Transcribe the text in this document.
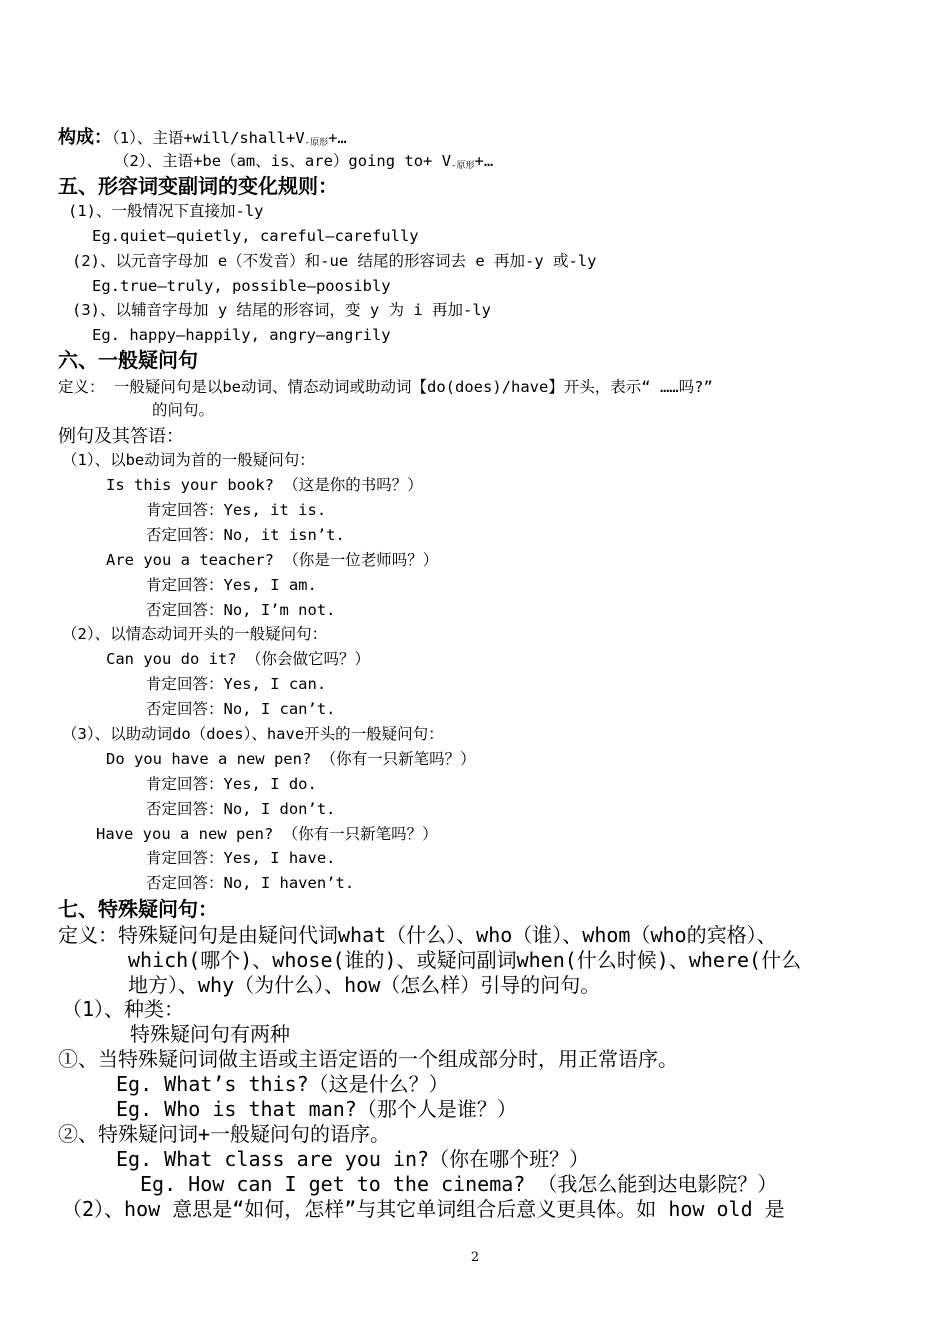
构成：（1）、主语$+will/shall+V_{-原形}+\dots$
（2）、主语+be（am、is、are）going $to+ V_{-原形}+\dots$
五、形容词变副词的变化规则：
(1)、一般情况下直接加-ly
Eg.quiet—quietly, careful—carefully
(2)、以元音字母加 e（不发音）和-ue 结尾的形容词去 e 再加-y 或-ly
Eg.true—truly, possible—poosibly
(3)、以辅音字母加 y 结尾的形容词，变 y 为 i 再加-ly
Eg. happy—happily, angry—angrily
六、一般疑问句
定义： 一般疑问句是以be动词、情态动词或助动词【do(does)/have】开头，表示“ ……吗?”
的问句。
例句及其答语：
（1）、以be动词为首的一般疑问句：
Is this your book? （这是你的书吗？）
肯定回答：Yes, it is.
否定回答：No, it isn’t.
Are you a teacher? （你是一位老师吗？）
肯定回答：Yes, I am.
否定回答：No, I’m not.
（2）、以情态动词开头的一般疑问句：
Can you do it? （你会做它吗？）
肯定回答：Yes, I can.
否定回答：No, I can’t.
（3）、以助动词do（does）、have开头的一般疑问句：
Do you have a new pen? （你有一只新笔吗？）
肯定回答：Yes, I do.
否定回答：No, I don’t.
Have you a new pen? （你有一只新笔吗？）
肯定回答：Yes, I have.
否定回答：No, I haven’t.
七、特殊疑问句：
定义：特殊疑问句是由疑问代词what（什么）、who（谁）、whom（who的宾格）、
which(哪个)、whose(谁的)、或疑问副词when(什么时候)、where(什么
地方）、why（为什么）、how（怎么样）引导的问句。
（1）、种类：
特殊疑问句有两种
①、当特殊疑问词做主语或主语定语的一个组成部分时，用正常语序。
Eg. What’s this?（这是什么？）
Eg. Who is that man?（那个人是谁？）
②、特殊疑问词+一般疑问句的语序。
Eg. What class are you in?（你在哪个班？）
Eg. How can I get to the cinema? （我怎么能到达电影院？）
（2）、how 意思是“如何，怎样”与其它单词组合后意义更具体。如 how old 是
2
